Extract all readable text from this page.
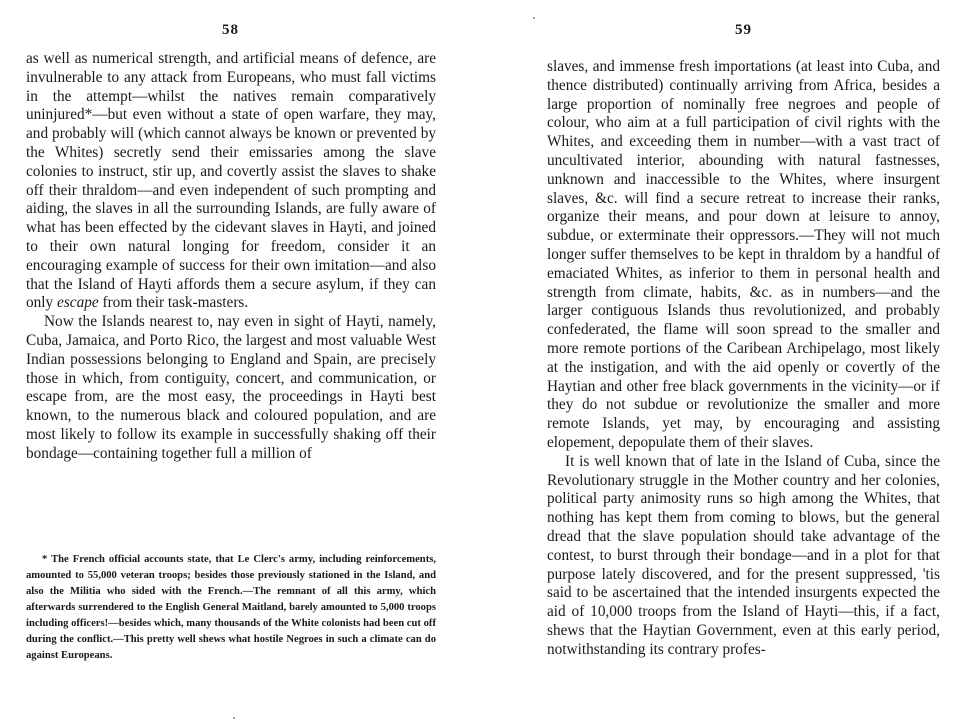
58

as well as numerical strength, and artificial means of defence, are invulnerable to any attack from Europeans, who must fall victims in the attempt—whilst the natives remain comparatively uninjured*—but even without a state of open warfare, they may, and probably will (which cannot always be known or prevented by the Whites) secretly send their emissaries among the slave colonies to instruct, stir up, and covertly assist the slaves to shake off their thraldom—and even independent of such prompting and aiding, the slaves in all the surrounding Islands, are fully aware of what has been effected by the cidevant slaves in Hayti, and joined to their own natural longing for freedom, consider it an encouraging example of success for their own imitation—and also that the Island of Hayti affords them a secure asylum, if they can only escape from their task-masters.

Now the Islands nearest to, nay even in sight of Hayti, namely, Cuba, Jamaica, and Porto Rico, the largest and most valuable West Indian possessions belonging to England and Spain, are precisely those in which, from contiguity, concert, and communication, or escape from, are the most easy, the proceedings in Hayti best known, to the numerous black and coloured population, and are most likely to follow its example in successfully shaking off their bondage—containing together full a million of

* The French official accounts state, that Le Clerc's army, including reinforcements, amounted to 55,000 veteran troops; besides those previously stationed in the Island, and also the Militia who sided with the French.—The remnant of all this army, which afterwards surrendered to the English General Maitland, barely amounted to 5,000 troops including officers!—besides which, many thousands of the White colonists had been cut off during the conflict.—This pretty well shews what hostile Negroes in such a climate can do against Europeans.

59

slaves, and immense fresh importations (at least into Cuba, and thence distributed) continually arriving from Africa, besides a large proportion of nominally free negroes and people of colour, who aim at a full participation of civil rights with the Whites, and exceeding them in number—with a vast tract of uncultivated interior, abounding with natural fastnesses, unknown and inaccessible to the Whites, where insurgent slaves, &c. will find a secure retreat to increase their ranks, organize their means, and pour down at leisure to annoy, subdue, or exterminate their oppressors.—They will not much longer suffer themselves to be kept in thraldom by a handful of emaciated Whites, as inferior to them in personal health and strength from climate, habits, &c. as in numbers—and the larger contiguous Islands thus revolutionized, and probably confederated, the flame will soon spread to the smaller and more remote portions of the Caribean Archipelago, most likely at the instigation, and with the aid openly or covertly of the Haytian and other free black governments in the vicinity—or if they do not subdue or revolutionize the smaller and more remote Islands, yet may, by encouraging and assisting elopement, depopulate them of their slaves.

It is well known that of late in the Island of Cuba, since the Revolutionary struggle in the Mother country and her colonies, political party animosity runs so high among the Whites, that nothing has kept them from coming to blows, but the general dread that the slave population should take advantage of the contest, to burst through their bondage—and in a plot for that purpose lately discovered, and for the present suppressed, 'tis said to be ascertained that the intended insurgents expected the aid of 10,000 troops from the Island of Hayti—this, if a fact, shews that the Haytian Government, even at this early period, notwithstanding its contrary profes-
